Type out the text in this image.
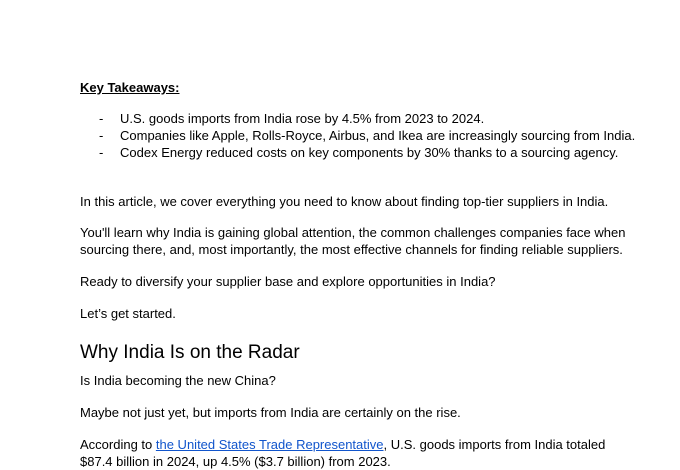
Key Takeaways:

- U.S. goods imports from India rose by 4.5% from 2023 to 2024.
- Companies like Apple, Rolls-Royce, Airbus, and Ikea are increasingly sourcing from India.
- Codex Energy reduced costs on key components by 30% thanks to a sourcing agency.

In this article, we cover everything you need to know about finding top-tier suppliers in India.

You'll learn why India is gaining global attention, the common challenges companies face when

sourcing there, and, most importantly, the most effective channels for finding reliable suppliers.

Ready to diversify your supplier base and explore opportunities in India?

Let’s get started.

Why India Is on the Radar

Is India becoming the new China?

Maybe not just yet, but imports from India are certainly on the rise.

According to the United States Trade Representative, U.S. goods imports from India totaled

$87.4 billion in 2024, up 4.5% ($3.7 billion) from 2023.
